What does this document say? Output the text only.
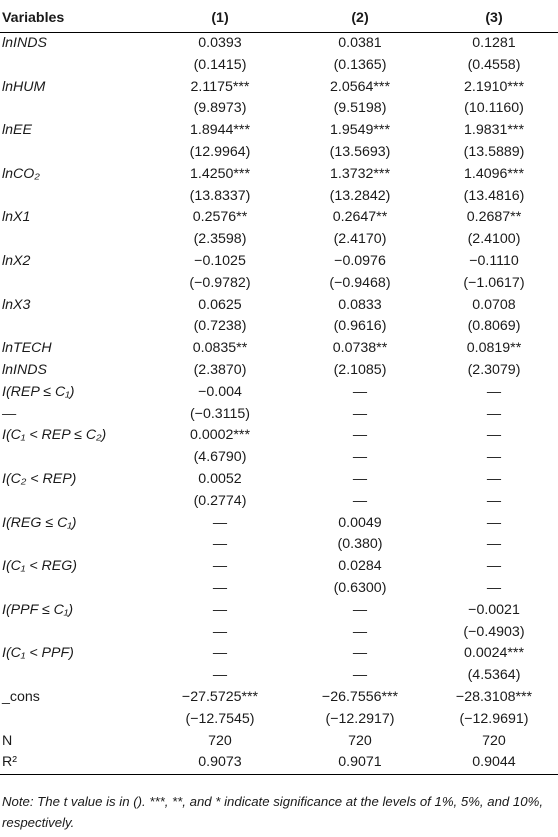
Variables	(1)	(2)	(3)
lnINDS	0.0393	0.0381	0.1281
	(0.1415)	(0.1365)	(0.4558)
lnHUM	2.1175***	2.0564***	2.1910***
	(9.8973)	(9.5198)	(10.1160)
lnEE	1.8944***	1.9549***	1.9831***
	(12.9964)	(13.5693)	(13.5889)
lnCO₂	1.4250***	1.3732***	1.4096***
	(13.8337)	(13.2842)	(13.4816)
lnX1	0.2576**	0.2647**	0.2687**
	(2.3598)	(2.4170)	(2.4100)
lnX2	−0.1025	−0.0976	−0.1110
	(−0.9782)	(−0.9468)	(−1.0617)
lnX3	0.0625	0.0833	0.0708
	(0.7238)	(0.9616)	(0.8069)
lnTECH	0.0835**	0.0738**	0.0819**
lnINDS	(2.3870)	(2.1085)	(2.3079)
I(REP ≤ C₁)	−0.004	—	—
—	(−0.3115)	—	—
I(C₁ < REP ≤ C₂)	0.0002***	—	—
	(4.6790)	—	—
I(C₂ < REP)	0.0052	—	—
	(0.2774)	—	—
I(REG ≤ C₁)	—	0.0049	—
	—	(0.380)	—
I(C₁ < REG)	—	0.0284	—
	—	(0.6300)	—
I(PPF ≤ C₁)	—	—	−0.0021
	—	—	(−0.4903)
I(C₁ < PPF)	—	—	0.0024***
	—	—	(4.5364)
_cons	−27.5725***	−26.7556***	−28.3108***
	(−12.7545)	(−12.2917)	(−12.9691)
N	720	720	720
R²	0.9073	0.9071	0.9044

Note: The t value is in (). ***, **, and * indicate significance at the levels of 1%, 5%, and 10%, respectively.
